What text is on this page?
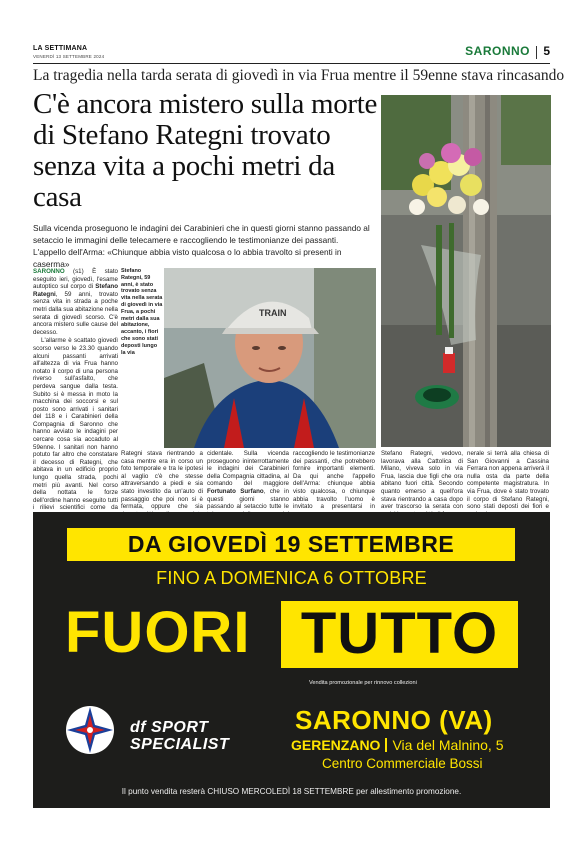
LA SETTIMANA
VENERDÌ 13 SETTEMBRE 2024	SARONNO 5
La tragedia nella tarda serata di giovedì in via Frua mentre il 59enne stava rincasando
C'è ancora mistero sulla morte
di Stefano Rategni trovato
senza vita a pochi metri da casa
Sulla vicenda proseguono le indagini dei Carabinieri che in questi giorni stanno passando al setaccio le immagini delle telecamere e raccogliendo le testimonianze dei passanti.
L'appello dell'Arma: «Chiunque abbia visto qualcosa o lo abbia travolto si presenti in caserma»

SARONNO (s1) È stato eseguito ieri, giovedì, l'esame autoptico sul corpo di Stefano Rategni, 59 anni, trovato senza vita in strada a poche metri dalla sua abitazione nella serata di giovedì scorso. C'è ancora mistero sulle cause del decesso.

L'allarme è scattato giovedì scorso verso le 23.30 quando alcuni passanti arrivati all'altezza di via Frua hanno notato il corpo di una persona riverso sull'asfalto, che perdeva sangue dalla testa. Subito si è messa in moto la macchina dei soccorsi e sul posto sono arrivati i sanitari del 118 e i Carabinieri della Compagnia di Saronno che hanno avviato le indagini per cercare cosa sia accaduto al 59enne. I sanitari non hanno potuto far altro che constatare il decesso di Rategni, che abitava in un edificio proprio lungo quella strada, pochi metri più avanti. Nel corso della nottata le forze dell'ordine hanno eseguito tutti i rilievi scientifici come da

Stefano Rategni, 59 anni, è stato trovato senza vita nella serata di giovedì in via Frua, a pochi metri dalla sua abitazione, accanto, i fiori che sono stati deposti lungo la via
TRAIN
Rategni stava rientrando a casa mentre era in corso un foto temporale e tra le ipotesi al vaglio c'è che stesse attraversando a piedi e sia stato investito da un'auto di passaggio che poi non si è fermata, oppure che sia
cidentale. Sulla vicenda proseguono ininterrottamente le indagini dei Carabinieri della Compagnia cittadina, al comando del maggiore Fortunato Surfano, che in questi giorni stanno passando al setaccio tutte le
raccogliendo le testimonianze dei passanti, che potrebbero fornire importanti elementi. Da qui anche l'appello dell'Arma: chiunque abbia visto qualcosa, o chiunque abbia travolto l'uomo è invitato a presentarsi in
Stefano Rategni, vedovo, lavorava alla Cattolica di Milano, viveva solo in via Frua, lascia due figli che ora abitano fuori città. Secondo quanto emerso a quell'ora stava rientrando a casa dopo aver trascorso la serata con
nerale si terrà alla chiesa di San Giovanni a Cassina Ferrara non appena arriverà il nulla osta da parte della competente magistratura. In via Frua, dove è stato trovato il corpo di Stefano Rategni, sono stati deposti dei fiori e
DA GIOVEDÌ 19 SETTEMBRE
FINO A DOMENICA 6 OTTOBRE
FUORI TUTTO
Vendita promozionale per rinnovo collezioni
df SPORT
SPECIALIST
SARONNO (VA)
GERENZANO Via del Malnino, 5
Centro Commerciale Bossi
Il punto vendita resterà CHIUSO MERCOLEDÌ 18 SETTEMBRE per allestimento promozione.
